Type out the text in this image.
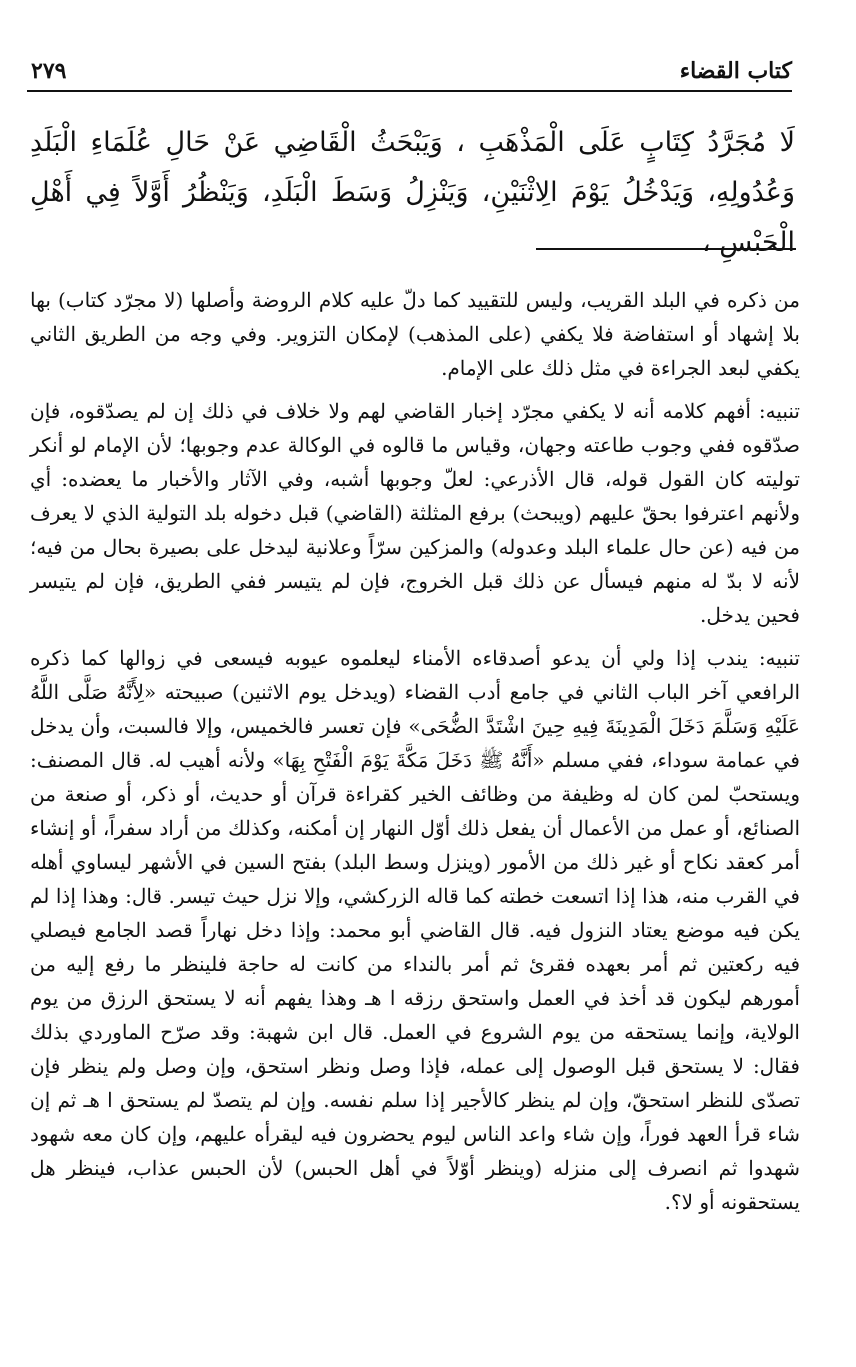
كتاب القضاء
٢٧٩
لَا مُجَرَّدُ كِتَابٍ عَلَى الْمَذْهَبِ ، وَيَبْحَثُ الْقَاضِي عَنْ حَالِ عُلَمَاءِ الْبَلَدِ وَعُدُولِهِ، وَيَدْخُلُ يَوْمَ الِاثْنَيْنِ، وَيَنْزِلُ وَسَطَ الْبَلَدِ، وَيَنْظُرُ أَوَّلاً فِي أَهْلِ الْحَبْسِ ،

من ذكره في البلد القريب، وليس للتقييد كما دلّ عليه كلام الروضة وأصلها (لا مجرّد كتاب) بها بلا إشهاد أو استفاضة فلا يكفي (على المذهب) لإمكان التزوير. وفي وجه من الطريق الثاني يكفي لبعد الجراءة في مثل ذلك على الإمام.

تنبيه: أفهم كلامه أنه لا يكفي مجرّد إخبار القاضي لهم ولا خلاف في ذلك إن لم يصدّقوه، فإن صدّقوه ففي وجوب طاعته وجهان، وقياس ما قالوه في الوكالة عدم وجوبها؛ لأن الإمام لو أنكر توليته كان القول قوله، قال الأذرعي: لعلّ وجوبها أشبه، وفي الآثار والأخبار ما يعضده: أي ولأنهم اعترفوا بحقّ عليهم (ويبحث) برفع المثلثة (القاضي) قبل دخوله بلد التولية الذي لا يعرف من فيه (عن حال علماء البلد وعدوله) والمزكين سرّاً وعلانية ليدخل على بصيرة بحال من فيه؛ لأنه لا بدّ له منهم فيسأل عن ذلك قبل الخروج، فإن لم يتيسر ففي الطريق، فإن لم يتيسر فحين يدخل.

تنبيه: يندب إذا ولي أن يدعو أصدقاءه الأمناء ليعلموه عيوبه فيسعى في زوالها كما ذكره الرافعي آخر الباب الثاني في جامع أدب القضاء (ويدخل يوم الاثنين) صبيحته «لِأَنَّهُ صَلَّى اللَّهُ عَلَيْهِ وَسَلَّمَ دَخَلَ الْمَدِينَةَ فِيهِ حِينَ اشْتَدَّ الضُّحَى» فإن تعسر فالخميس، وإلا فالسبت، وأن يدخل في عمامة سوداء، ففي مسلم «أَنَّهُ ﷺ دَخَلَ مَكَّةَ يَوْمَ الْفَتْحِ بِهَا» ولأنه أهيب له. قال المصنف: ويستحبّ لمن كان له وظيفة من وظائف الخير كقراءة قرآن أو حديث، أو ذكر، أو صنعة من الصنائع، أو عمل من الأعمال أن يفعل ذلك أوّل النهار إن أمكنه، وكذلك من أراد سفراً، أو إنشاء أمر كعقد نكاح أو غير ذلك من الأمور (وينزل وسط البلد) بفتح السين في الأشهر ليساوي أهله في القرب منه، هذا إذا اتسعت خطته كما قاله الزركشي، وإلا نزل حيث تيسر. قال: وهذا إذا لم يكن فيه موضع يعتاد النزول فيه. قال القاضي أبو محمد: وإذا دخل نهاراً قصد الجامع فيصلي فيه ركعتين ثم أمر بعهده فقرئ ثم أمر بالنداء من كانت له حاجة فلينظر ما رفع إليه من أمورهم ليكون قد أخذ في العمل واستحق رزقه ا هـ وهذا يفهم أنه لا يستحق الرزق من يوم الولاية، وإنما يستحقه من يوم الشروع في العمل. قال ابن شهبة: وقد صرّح الماوردي بذلك فقال: لا يستحق قبل الوصول إلى عمله، فإذا وصل ونظر استحق، وإن وصل ولم ينظر فإن تصدّى للنظر استحقّ، وإن لم ينظر كالأجير إذا سلم نفسه. وإن لم يتصدّ لم يستحق ا هـ ثم إن شاء قرأ العهد فوراً، وإن شاء واعد الناس ليوم يحضرون فيه ليقرأه عليهم، وإن كان معه شهود شهدوا ثم انصرف إلى منزله (وينظر أوّلاً في أهل الحبس) لأن الحبس عذاب، فينظر هل يستحقونه أو لا؟.
